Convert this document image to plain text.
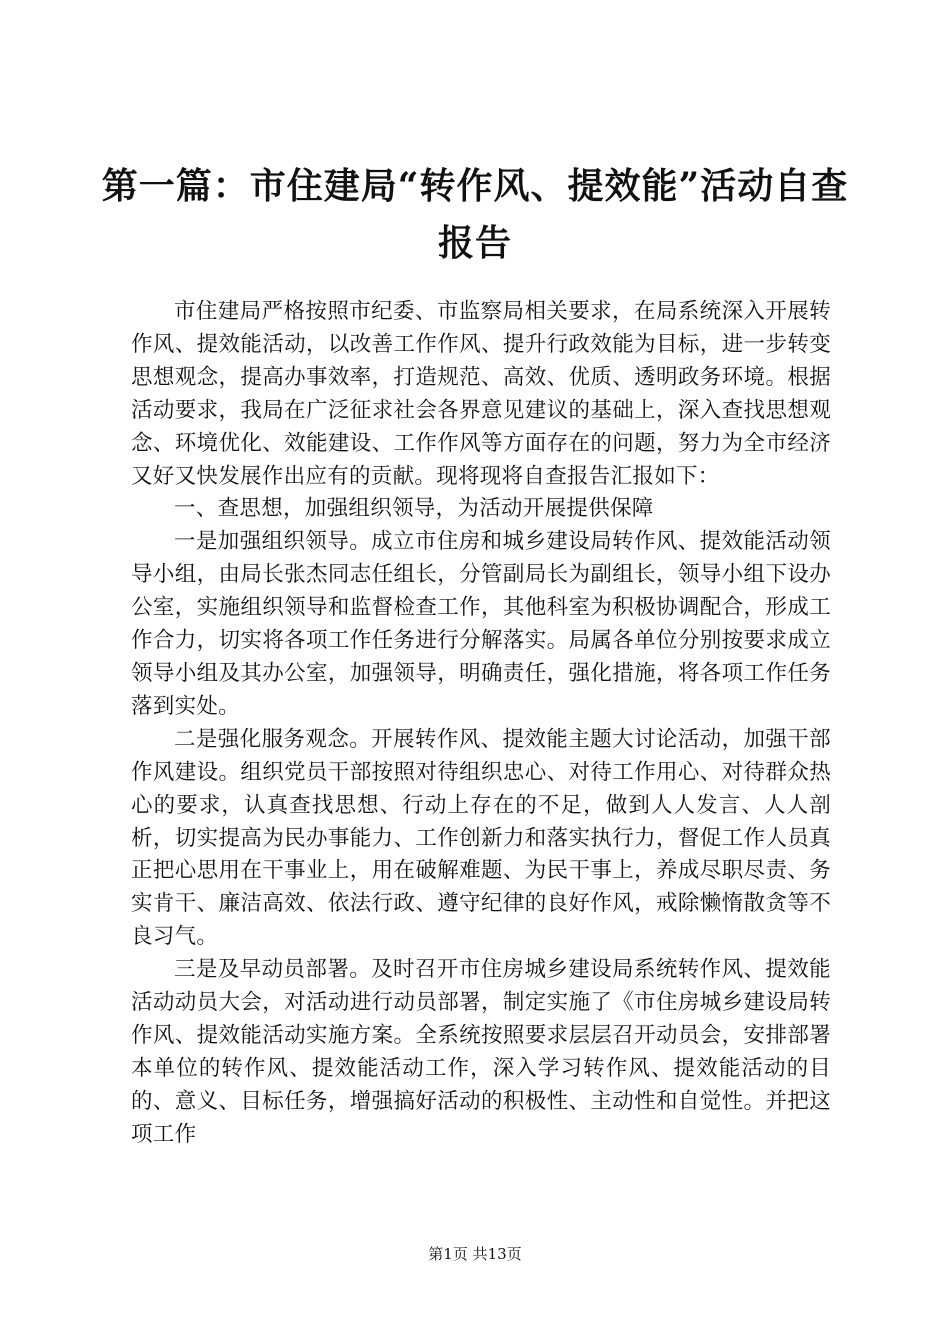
第一篇：市住建局“转作风、提效能”活动自查报告

市住建局严格按照市纪委、市监察局相关要求，在局系统深入开展转作风、提效能活动，以改善工作作风、提升行政效能为目标，进一步转变思想观念，提高办事效率，打造规范、高效、优质、透明政务环境。根据活动要求，我局在广泛征求社会各界意见建议的基础上，深入查找思想观念、环境优化、效能建设、工作作风等方面存在的问题，努力为全市经济又好又快发展作出应有的贡献。现将现将自查报告汇报如下：

一、查思想，加强组织领导，为活动开展提供保障

一是加强组织领导。成立市住房和城乡建设局转作风、提效能活动领导小组，由局长张杰同志任组长，分管副局长为副组长，领导小组下设办公室，实施组织领导和监督检查工作，其他科室为积极协调配合，形成工作合力，切实将各项工作任务进行分解落实。局属各单位分别按要求成立领导小组及其办公室，加强领导，明确责任，强化措施，将各项工作任务落到实处。

二是强化服务观念。开展转作风、提效能主题大讨论活动，加强干部作风建设。组织党员干部按照对待组织忠心、对待工作用心、对待群众热心的要求，认真查找思想、行动上存在的不足，做到人人发言、人人剖析，切实提高为民办事能力、工作创新力和落实执行力，督促工作人员真正把心思用在干事业上，用在破解难题、为民干事上，养成尽职尽责、务实肯干、廉洁高效、依法行政、遵守纪律的良好作风，戒除懒惰散贪等不良习气。

三是及早动员部署。及时召开市住房城乡建设局系统转作风、提效能活动动员大会，对活动进行动员部署，制定实施了《市住房城乡建设局转作风、提效能活动实施方案。全系统按照要求层层召开动员会，安排部署本单位的转作风、提效能活动工作，深入学习转作风、提效能活动的目的、意义、目标任务，增强搞好活动的积极性、主动性和自觉性。并把这项工作

第1页 共13页
